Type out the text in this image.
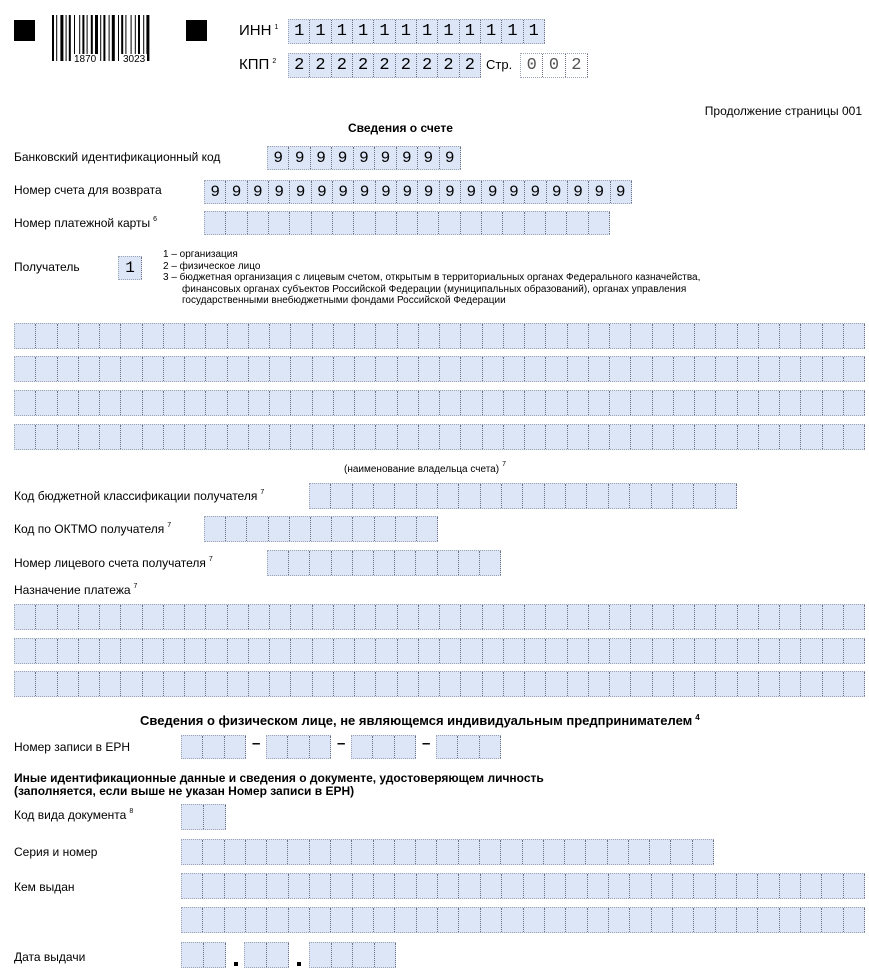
1870	3023
ИНН $^1$ 1 1 1 1 1 1 1 1 1 1 1 1
КПП $^2$ 2 2 2 2 2 2 2 2 2 Стр. 0 0 2
Продолжение страницы 001
Сведения о счете
Банковский идентификационный код	9 9 9 9 9 9 9 9 9
Номер счета для возврата	9 9 9 9 9 9 9 9 9 9 9 9 9 9 9 9 9 9 9 9
Номер платежной карты $^6$
Получатель	1
1 – организация
2 – физическое лицо
3 – бюджетная организация с лицевым счетом, открытым в территориальных органах Федерального казначейства,
финансовых органах субъектов Российской Федерации (муниципальных образований), органах управления
государственными внебюджетными фондами Российской Федерации
(наименование владельца счета) $^7$
Код бюджетной классификации получателя $^7$
Код по ОКТМО получателя $^7$
Номер лицевого счета получателя $^7$
Назначение платежа $^7$
Сведения о физическом лице, не являющемся индивидуальным предпринимателем $^4$
Номер записи в ЕРН	–	–	–
Иные идентификационные данные и сведения о документе, удостоверяющем личность
(заполняется, если выше не указан Номер записи в ЕРН)
Код вида документа $^8$
Серия и номер
Кем выдан
Дата выдачи
